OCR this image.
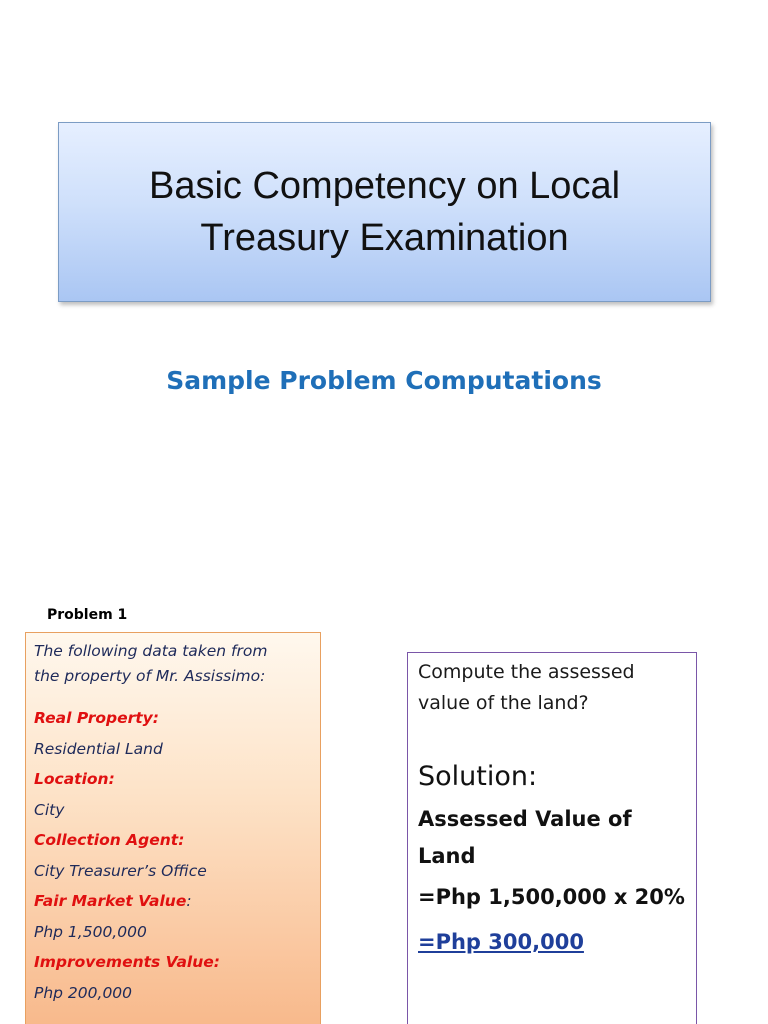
Basic Competency on Local
Treasury Examination
Sample Problem Computations
Problem 1
The following data taken from
the property of Mr. Assissimo:
Real Property:
Residential Land
Location:
City
Collection Agent:
City Treasurer’s Office
Fair Market Value:
Php 1,500,000
Improvements Value:
Php 200,000
Compute the assessed
value of the land?
Solution:
Assessed Value of
Land
=Php 1,500,000 x 20%
=Php 300,000
